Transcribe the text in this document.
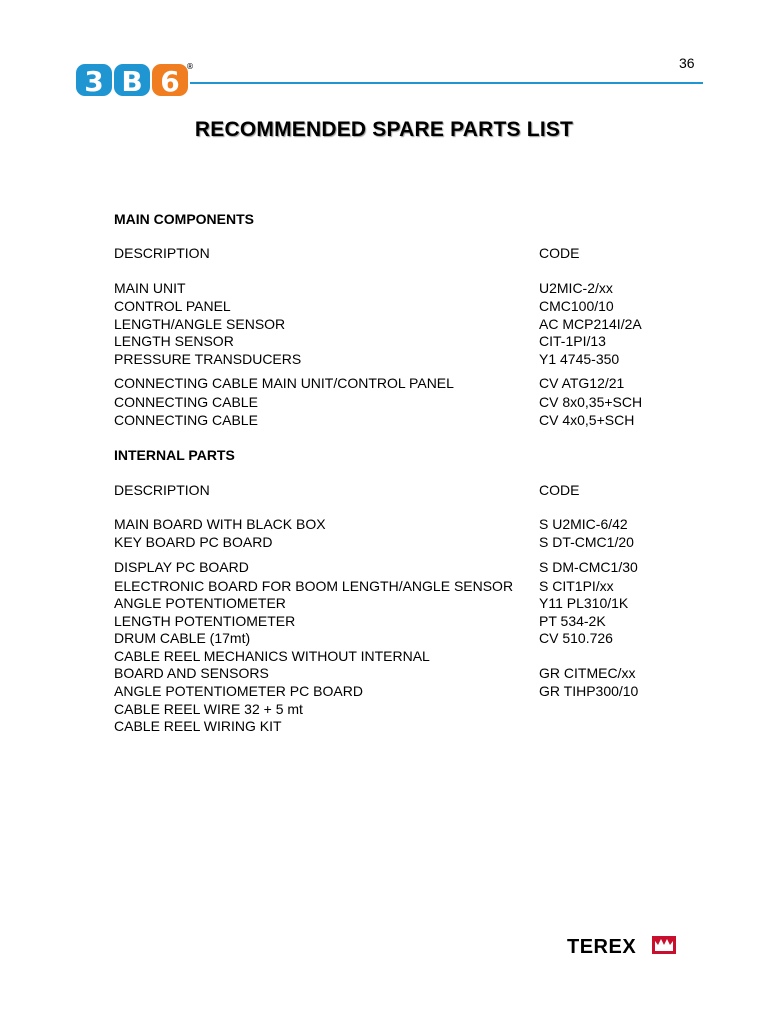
36
3 B 6 ®
RECOMMENDED SPARE PARTS LIST
MAIN COMPONENTS
DESCRIPTION	CODE
MAIN UNIT	U2MIC-2/xx
CONTROL PANEL	CMC100/10
LENGTH/ANGLE SENSOR	AC MCP214I/2A
LENGTH SENSOR	CIT-1PI/13
PRESSURE TRANSDUCERS	Y1 4745-350
CONNECTING CABLE MAIN UNIT/CONTROL PANEL	CV ATG12/21
CONNECTING CABLE	CV 8x0,35+SCH
CONNECTING CABLE	CV 4x0,5+SCH
INTERNAL PARTS
DESCRIPTION	CODE
MAIN BOARD WITH BLACK BOX	S U2MIC-6/42
KEY BOARD PC BOARD	S DT-CMC1/20
DISPLAY PC BOARD	S DM-CMC1/30
ELECTRONIC BOARD FOR BOOM LENGTH/ANGLE SENSOR S CIT1PI/xx
ANGLE POTENTIOMETER	Y11 PL310/1K
LENGTH POTENTIOMETER	PT 534-2K
DRUM CABLE (17mt)	CV 510.726
CABLE REEL MECHANICS WITHOUT INTERNAL
BOARD AND SENSORS	GR CITMEC/xx
ANGLE POTENTIOMETER PC BOARD	GR TIHP300/10
CABLE REEL WIRE 32 + 5 mt
CABLE REEL WIRING KIT
TEREX
